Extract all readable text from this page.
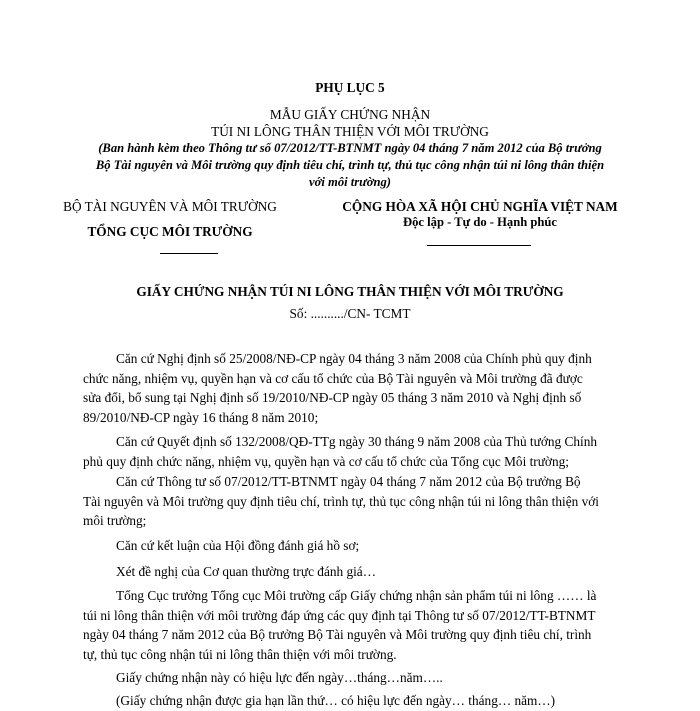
PHỤ LỤC 5
MẪU GIẤY CHỨNG NHẬN
TÚI NI LÔNG THÂN THIỆN VỚI MÔI TRƯỜNG
(Ban hành kèm theo Thông tư số 07/2012/TT-BTNMT ngày 04 tháng 7 năm 2012 của Bộ trưởng
Bộ Tài nguyên và Môi trường quy định tiêu chí, trình tự, thủ tục công nhận túi ni lông thân thiện
với môi trường)
BỘ TÀI NGUYÊN VÀ MÔI TRƯỜNG
TỔNG CỤC MÔI TRƯỜNG
CỘNG HÒA XÃ HỘI CHỦ NGHĨA VIỆT NAM
Độc lập - Tự do - Hạnh phúc
GIẤY CHỨNG NHẬN TÚI NI LÔNG THÂN THIỆN VỚI MÔI TRƯỜNG
Số: ........../CN- TCMT

Căn cứ Nghị định số 25/2008/NĐ-CP ngày 04 tháng 3 năm 2008 của Chính phủ quy định

chức năng, nhiệm vụ, quyền hạn và cơ cấu tổ chức của Bộ Tài nguyên và Môi trường đã được

sửa đổi, bổ sung tại Nghị định số 19/2010/NĐ-CP ngày 05 tháng 3 năm 2010 và Nghị định số

89/2010/NĐ-CP ngày 16 tháng 8 năm 2010;

Căn cứ Quyết định số 132/2008/QĐ-TTg ngày 30 tháng 9 năm 2008 của Thủ tướng Chính

phủ quy định chức năng, nhiệm vụ, quyền hạn và cơ cấu tổ chức của Tổng cục Môi trường;

Căn cứ Thông tư số 07/2012/TT-BTNMT ngày 04 tháng 7 năm 2012 của Bộ trưởng Bộ

Tài nguyên và Môi trường quy định tiêu chí, trình tự, thủ tục công nhận túi ni lông thân thiện với

môi trường;

Căn cứ kết luận của Hội đồng đánh giá hồ sơ;

Xét đề nghị của Cơ quan thường trực đánh giá…

Tổng Cục trưởng Tổng cục Môi trường cấp Giấy chứng nhận sản phẩm túi ni lông …… là

túi ni lông thân thiện với môi trường đáp ứng các quy định tại Thông tư số 07/2012/TT-BTNMT

ngày 04 tháng 7 năm 2012 của Bộ trưởng Bộ Tài nguyên và Môi trường quy định tiêu chí, trình

tự, thủ tục công nhận túi ni lông thân thiện với môi trường.

Giấy chứng nhận này có hiệu lực đến ngày…tháng…năm…..

(Giấy chứng nhận được gia hạn lần thứ… có hiệu lực đến ngày… tháng… năm…)
